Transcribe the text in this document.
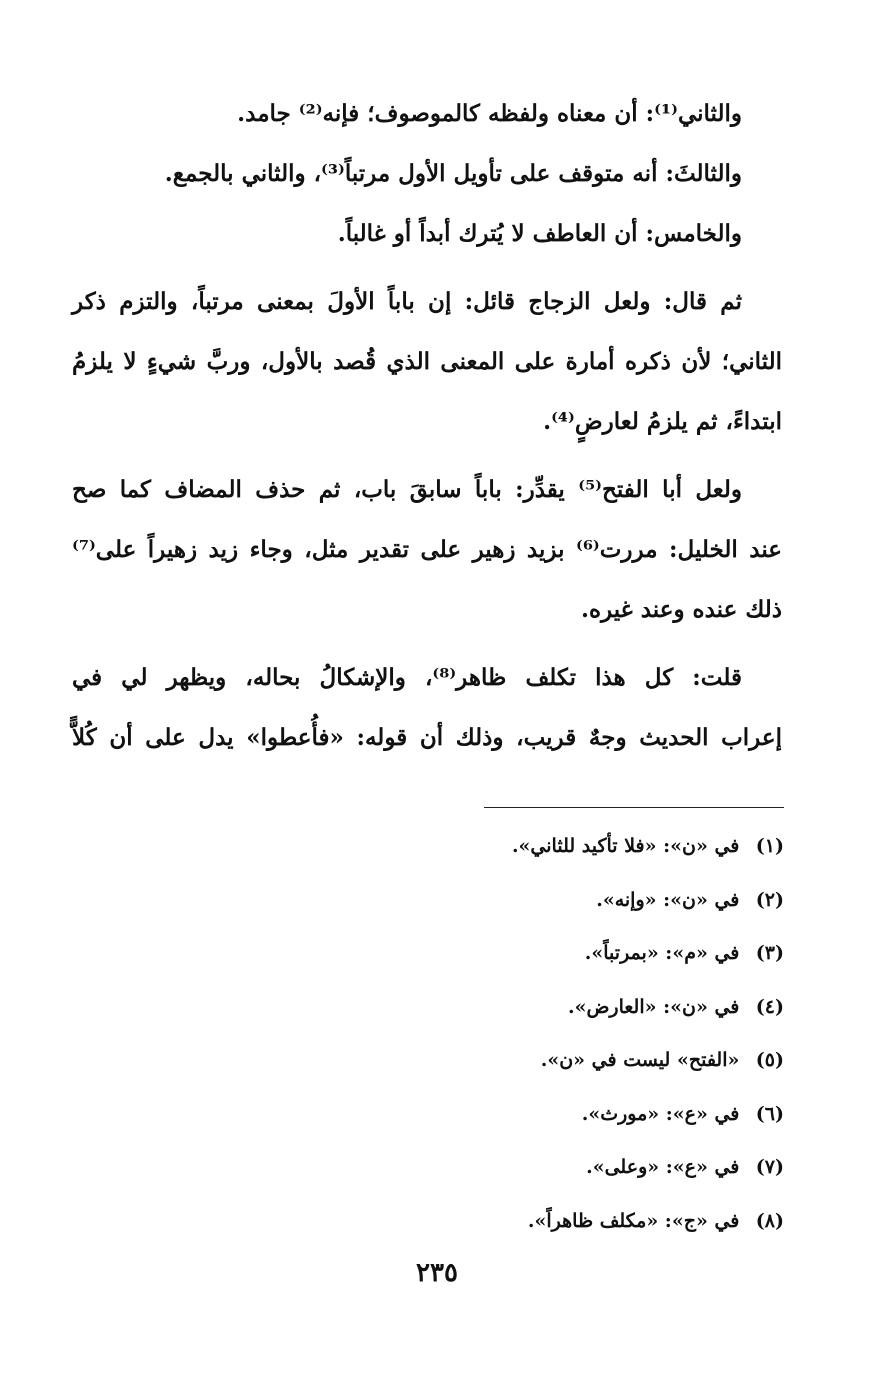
والثاني⁽¹⁾: أن معناه ولفظه كالموصوف؛ فإنه⁽²⁾ جامد.

والثالثَ: أنه متوقف على تأويل الأول مرتباً⁽³⁾، والثاني بالجمع.

والخامس: أن العاطف لا يُترك أبداً أو غالباً.

ثم قال: ولعل الزجاج قائل: إن باباً الأولَ بمعنى مرتباً، والتزم ذكر
الثاني؛ لأن ذكره أمارة على المعنى الذي قُصد بالأول، وربَّ شيءٍ لا يلزمُ
ابتداءً، ثم يلزمُ لعارضٍ⁽⁴⁾.

ولعل أبا الفتح⁽⁵⁾ يقدِّر: باباً سابقَ باب، ثم حذف المضاف كما صح
عند الخليل: مررت⁽⁶⁾ بزيد زهير على تقدير مثل، وجاء زيد زهيراً على⁽⁷⁾
ذلك عنده وعند غيره.

قلت: كل هذا تكلف ظاهر⁽⁸⁾، والإشكالُ بحاله، ويظهر لي في
إعراب الحديث وجهٌ قريب، وذلك أن قوله: «فأُعطوا» يدل على أن كُلاًّ

(١) في «ن»: «فلا تأكيد للثاني».
(٢) في «ن»: «وإنه».
(٣) في «م»: «بمرتباً».
(٤) في «ن»: «العارض».
(٥) «الفتح» ليست في «ن».
(٦) في «ع»: «مورث».
(٧) في «ع»: «وعلى».
(٨) في «ج»: «مكلف ظاهراً».
٢٣٥
